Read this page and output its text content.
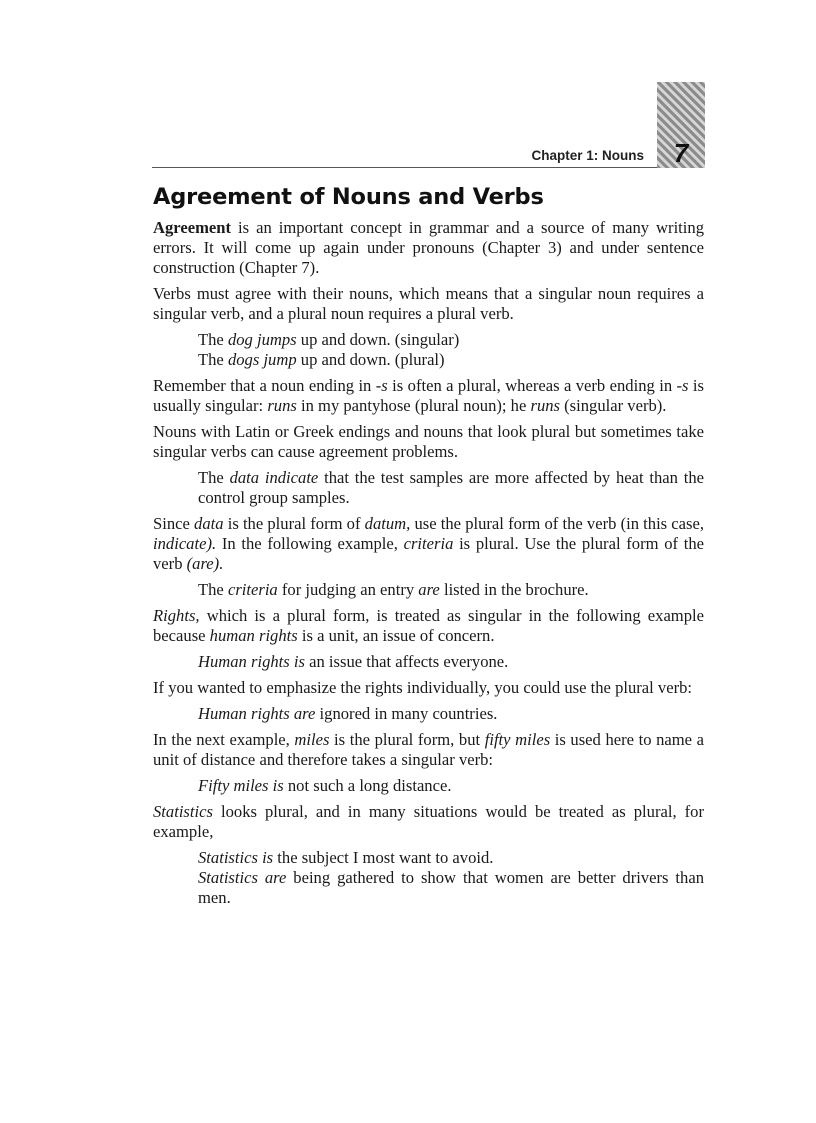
Chapter 1: Nouns	7
Agreement of Nouns and Verbs

Agreement is an important concept in grammar and a source of many writing errors. It will come up again under pronouns (Chapter 3) and under sentence construction (Chapter 7).

Verbs must agree with their nouns, which means that a singular noun requires a singular verb, and a plural noun requires a plural verb.

The dog jumps up and down. (singular)
The dogs jump up and down. (plural)

Remember that a noun ending in -s is often a plural, whereas a verb ending in -s is usually singular: runs in my pantyhose (plural noun); he runs (singular verb).

Nouns with Latin or Greek endings and nouns that look plural but sometimes take singular verbs can cause agreement problems.

The data indicate that the test samples are more affected by heat than the control group samples.

Since data is the plural form of datum, use the plural form of the verb (in this case, indicate). In the following example, criteria is plural. Use the plural form of the verb (are).

The criteria for judging an entry are listed in the brochure.

Rights, which is a plural form, is treated as singular in the following example because human rights is a unit, an issue of concern.

Human rights is an issue that affects everyone.

If you wanted to emphasize the rights individually, you could use the plural verb:

Human rights are ignored in many countries.

In the next example, miles is the plural form, but fifty miles is used here to name a unit of distance and therefore takes a singular verb:

Fifty miles is not such a long distance.

Statistics looks plural, and in many situations would be treated as plural, for example,

Statistics is the subject I most want to avoid.
Statistics are being gathered to show that women are better drivers than men.
